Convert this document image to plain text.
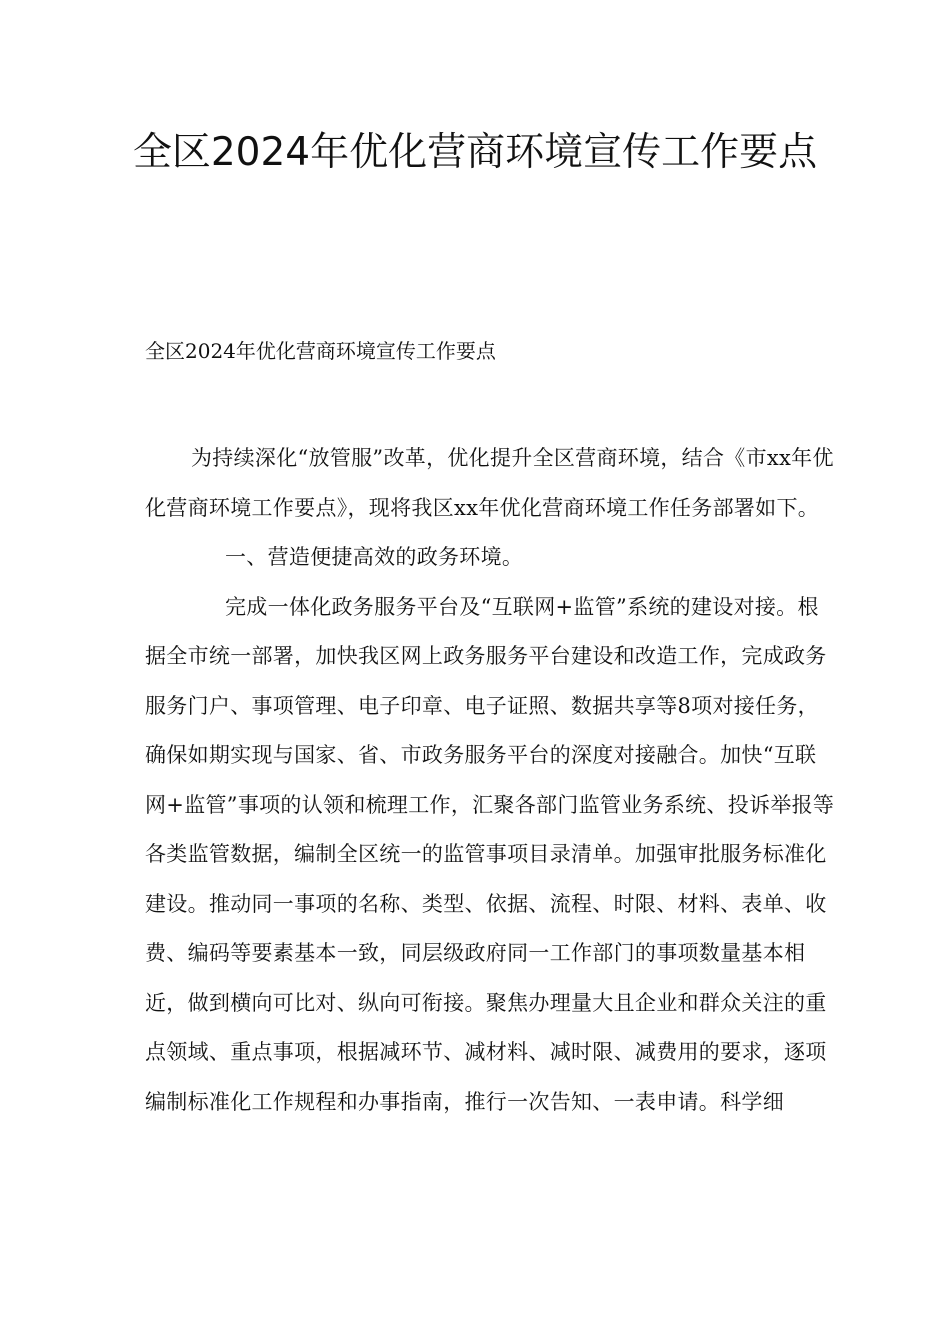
全区2024年优化营商环境宣传工作要点

全区2024年优化营商环境宣传工作要点

为持续深化“放管服”改革，优化提升全区营商环境，结合《市xx年优化营商环境工作要点》，现将我区xx年优化营商环境工作任务部署如下。

一、营造便捷高效的政务环境。

完成一体化政务服务平台及“互联网+监管”系统的建设对接。根据全市统一部署，加快我区网上政务服务平台建设和改造工作，完成政务服务门户、事项管理、电子印章、电子证照、数据共享等8项对接任务，确保如期实现与国家、省、市政务服务平台的深度对接融合。加快“互联网+监管”事项的认领和梳理工作，汇聚各部门监管业务系统、投诉举报等各类监管数据，编制全区统一的监管事项目录清单。加强审批服务标准化建设。推动同一事项的名称、类型、依据、流程、时限、材料、表单、收费、编码等要素基本一致，同层级政府同一工作部门的事项数量基本相近，做到横向可比对、纵向可衔接。聚焦办理量大且企业和群众关注的重点领域、重点事项，根据减环节、减材料、减时限、减费用的要求，逐项编制标准化工作规程和办事指南，推行一次告知、一表申请。科学细
